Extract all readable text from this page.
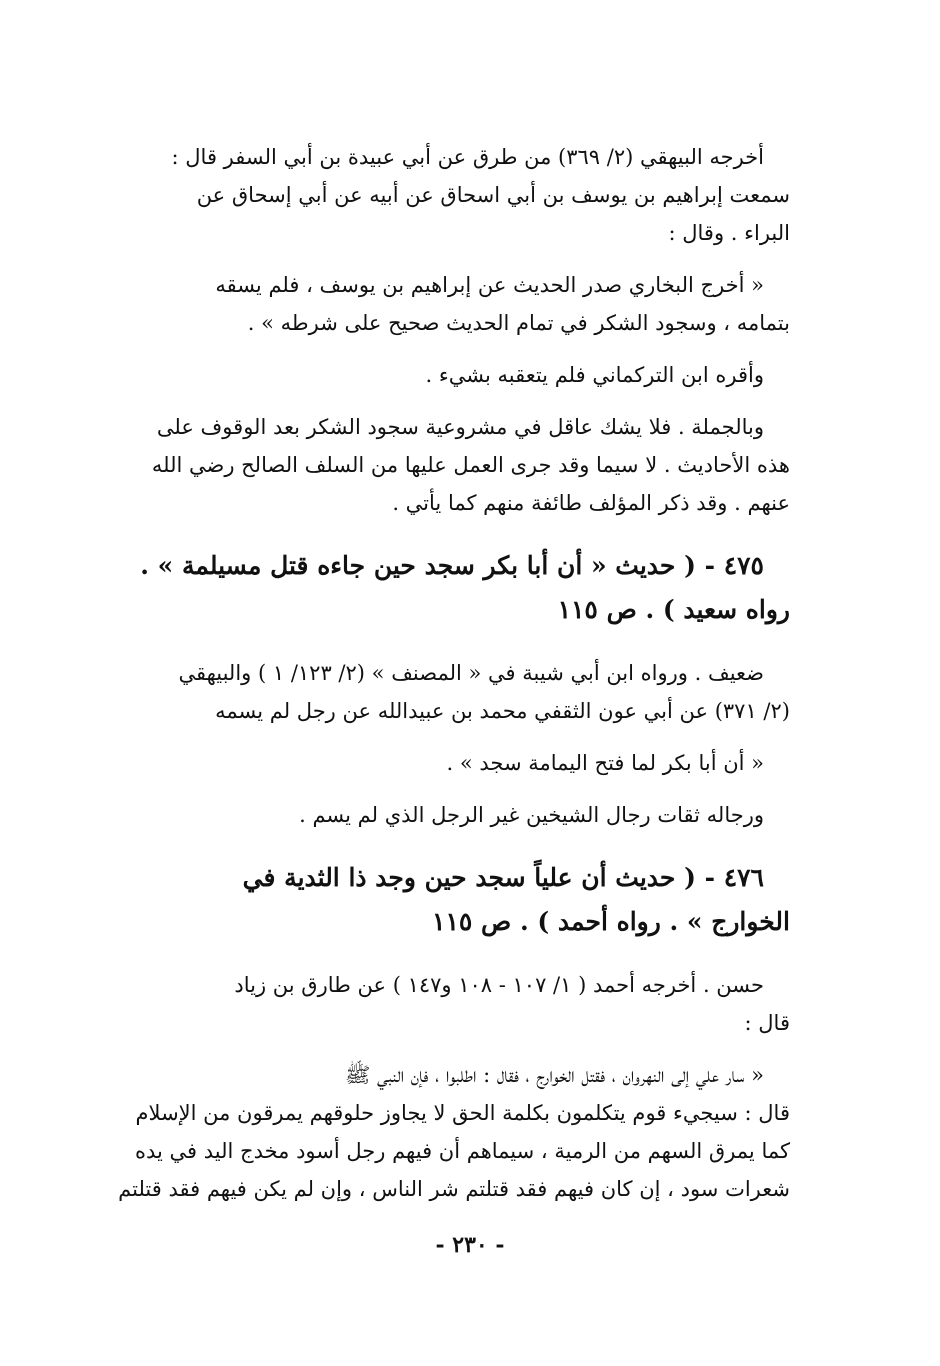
أخرجه البيهقي (٢/ ٣٦٩) من طرق عن أبي عبيدة بن أبي السفر قال :
سمعت إبراهيم بن يوسف بن أبي اسحاق عن أبيه عن أبي إسحاق عن
البراء . وقال :
« أخرج البخاري صدر الحديث عن إبراهيم بن يوسف ، فلم يسقه
بتمامه ، وسجود الشكر في تمام الحديث صحيح على شرطه » .
وأقره ابن التركماني فلم يتعقبه بشيء .
وبالجملة . فلا يشك عاقل في مشروعية سجود الشكر بعد الوقوف على
هذه الأحاديث . لا سيما وقد جرى العمل عليها من السلف الصالح رضي الله
عنهم . وقد ذكر المؤلف طائفة منهم كما يأتي .
٤٧٥ - ( حديث « أن أبا بكر سجد حين جاءه قتل مسيلمة » .
رواه سعيد ) . ص ١١٥
ضعيف . ورواه ابن أبي شيبة في « المصنف » (٢/ ١٢٣/ ١ ) والبيهقي
(٢/ ٣٧١) عن أبي عون الثقفي محمد بن عبيدالله عن رجل لم يسمه
« أن أبا بكر لما فتح اليمامة سجد » .
ورجاله ثقات رجال الشيخين غير الرجل الذي لم يسم .
٤٧٦ - ( حديث أن علياً سجد حين وجد ذا الثدية في
الخوارج » . رواه أحمد ) . ص ١١٥
حسن . أخرجه أحمد ( ١/ ١٠٧ - ١٠٨ و١٤٧ ) عن طارق بن زياد
قال :
« سار علي إلى النهروان ، فقتل الخوارج ، فقال : اطلبوا ، فإن النبي ﷺ
قال : سيجيء قوم يتكلمون بكلمة الحق لا يجاوز حلوقهم يمرقون من الإسلام
كما يمرق السهم من الرمية ، سيماهم أن فيهم رجل أسود مخدج اليد في يده
شعرات سود ، إن كان فيهم فقد قتلتم شر الناس ، وإن لم يكن فيهم فقد قتلتم
- ٢٣٠ -
